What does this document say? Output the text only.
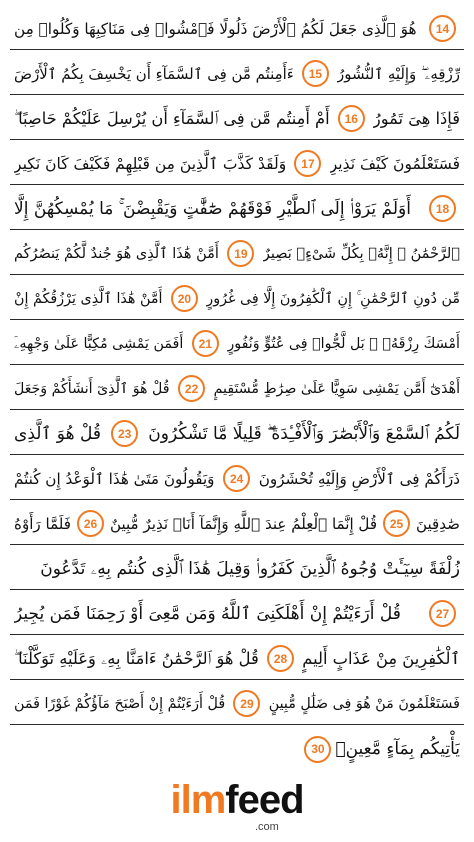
14
هُوَ ٱلَّذِى جَعَلَ لَكُمُ ٱلْأَرْضَ ذَلُولًا فَٱمْشُوا۟ فِى مَنَاكِبِهَا وَكُلُوا۟ مِن
رِّزْقِهِۦ ۖ وَإِلَيْهِ ٱلنُّشُورُ
15
ءَأَمِنتُم مَّن فِى ٱلسَّمَآءِ أَن يَخْسِفَ بِكُمُ ٱلْأَرْضَ
فَإِذَا هِىَ تَمُورُ
16
أَمْ أَمِنتُم مَّن فِى ٱلسَّمَآءِ أَن يُرْسِلَ عَلَيْكُمْ حَاصِبًا ۖ
فَسَتَعْلَمُونَ كَيْفَ نَذِيرِ
17
وَلَقَدْ كَذَّبَ ٱلَّذِينَ مِن قَبْلِهِمْ فَكَيْفَ كَانَ نَكِيرِ
18
أَوَلَمْ يَرَوْا۟ إِلَى ٱلطَّيْرِ فَوْقَهُمْ صَٰٓفَّٰتٍ وَيَقْبِضْنَ ۚ مَا يُمْسِكُهُنَّ إِلَّا
ٱلرَّحْمَٰنُ ۚ إِنَّهُۥ بِكُلِّ شَىْءٍۭ بَصِيرٌ
19
أَمَّنْ هَٰذَا ٱلَّذِى هُوَ جُندٌ لَّكُمْ يَنصُرُكُم
مِّن دُونِ ٱلرَّحْمَٰنِ ۚ إِنِ ٱلْكَٰفِرُونَ إِلَّا فِى غُرُورٍ
20
أَمَّنْ هَٰذَا ٱلَّذِى يَرْزُقُكُمْ إِنْ
أَمْسَكَ رِزْقَهُۥ ۚ بَل لَّجُّوا۟ فِى عُتُوٍّ وَنُفُورٍ
21
أَفَمَن يَمْشِى مُكِبًّا عَلَىٰ وَجْهِهِۦٓ
أَهْدَىٰٓ أَمَّن يَمْشِى سَوِيًّا عَلَىٰ صِرَٰطٍ مُّسْتَقِيمٍ
22
قُلْ هُوَ ٱلَّذِىٓ أَنشَأَكُمْ وَجَعَلَ
لَكُمُ ٱلسَّمْعَ وَٱلْأَبْصَٰرَ وَٱلْأَفْـِٔدَةَ ۖ قَلِيلًا مَّا تَشْكُرُونَ
23
قُلْ هُوَ ٱلَّذِى
ذَرَأَكُمْ فِى ٱلْأَرْضِ وَإِلَيْهِ تُحْشَرُونَ
24
وَيَقُولُونَ مَتَىٰ هَٰذَا ٱلْوَعْدُ إِن كُنتُمْ
صَٰدِقِينَ
25
قُلْ إِنَّمَا ٱلْعِلْمُ عِندَ ٱللَّهِ وَإِنَّمَآ أَنَا۠ نَذِيرٌ مُّبِينٌ
26
فَلَمَّا رَأَوْهُ
زُلْفَةً سِيٓـَٔتْ وُجُوهُ ٱلَّذِينَ كَفَرُوا۟ وَقِيلَ هَٰذَا ٱلَّذِى كُنتُم بِهِۦ تَدَّعُونَ
27
قُلْ أَرَءَيْتُمْ إِنْ أَهْلَكَنِىَ ٱللَّهُ وَمَن مَّعِىَ أَوْ رَحِمَنَا فَمَن يُجِيرُ
ٱلْكَٰفِرِينَ مِنْ عَذَابٍ أَلِيمٍ
28
قُلْ هُوَ ٱلرَّحْمَٰنُ ءَامَنَّا بِهِۦ وَعَلَيْهِ تَوَكَّلْنَا ۖ
فَسَتَعْلَمُونَ مَنْ هُوَ فِى ضَلَٰلٍ مُّبِينٍ
29
قُلْ أَرَءَيْتُمْ إِنْ أَصْبَحَ مَآؤُكُمْ غَوْرًا فَمَن
يَأْتِيكُم بِمَآءٍ مَّعِينٍۭ
30
ilmfeed
.com
